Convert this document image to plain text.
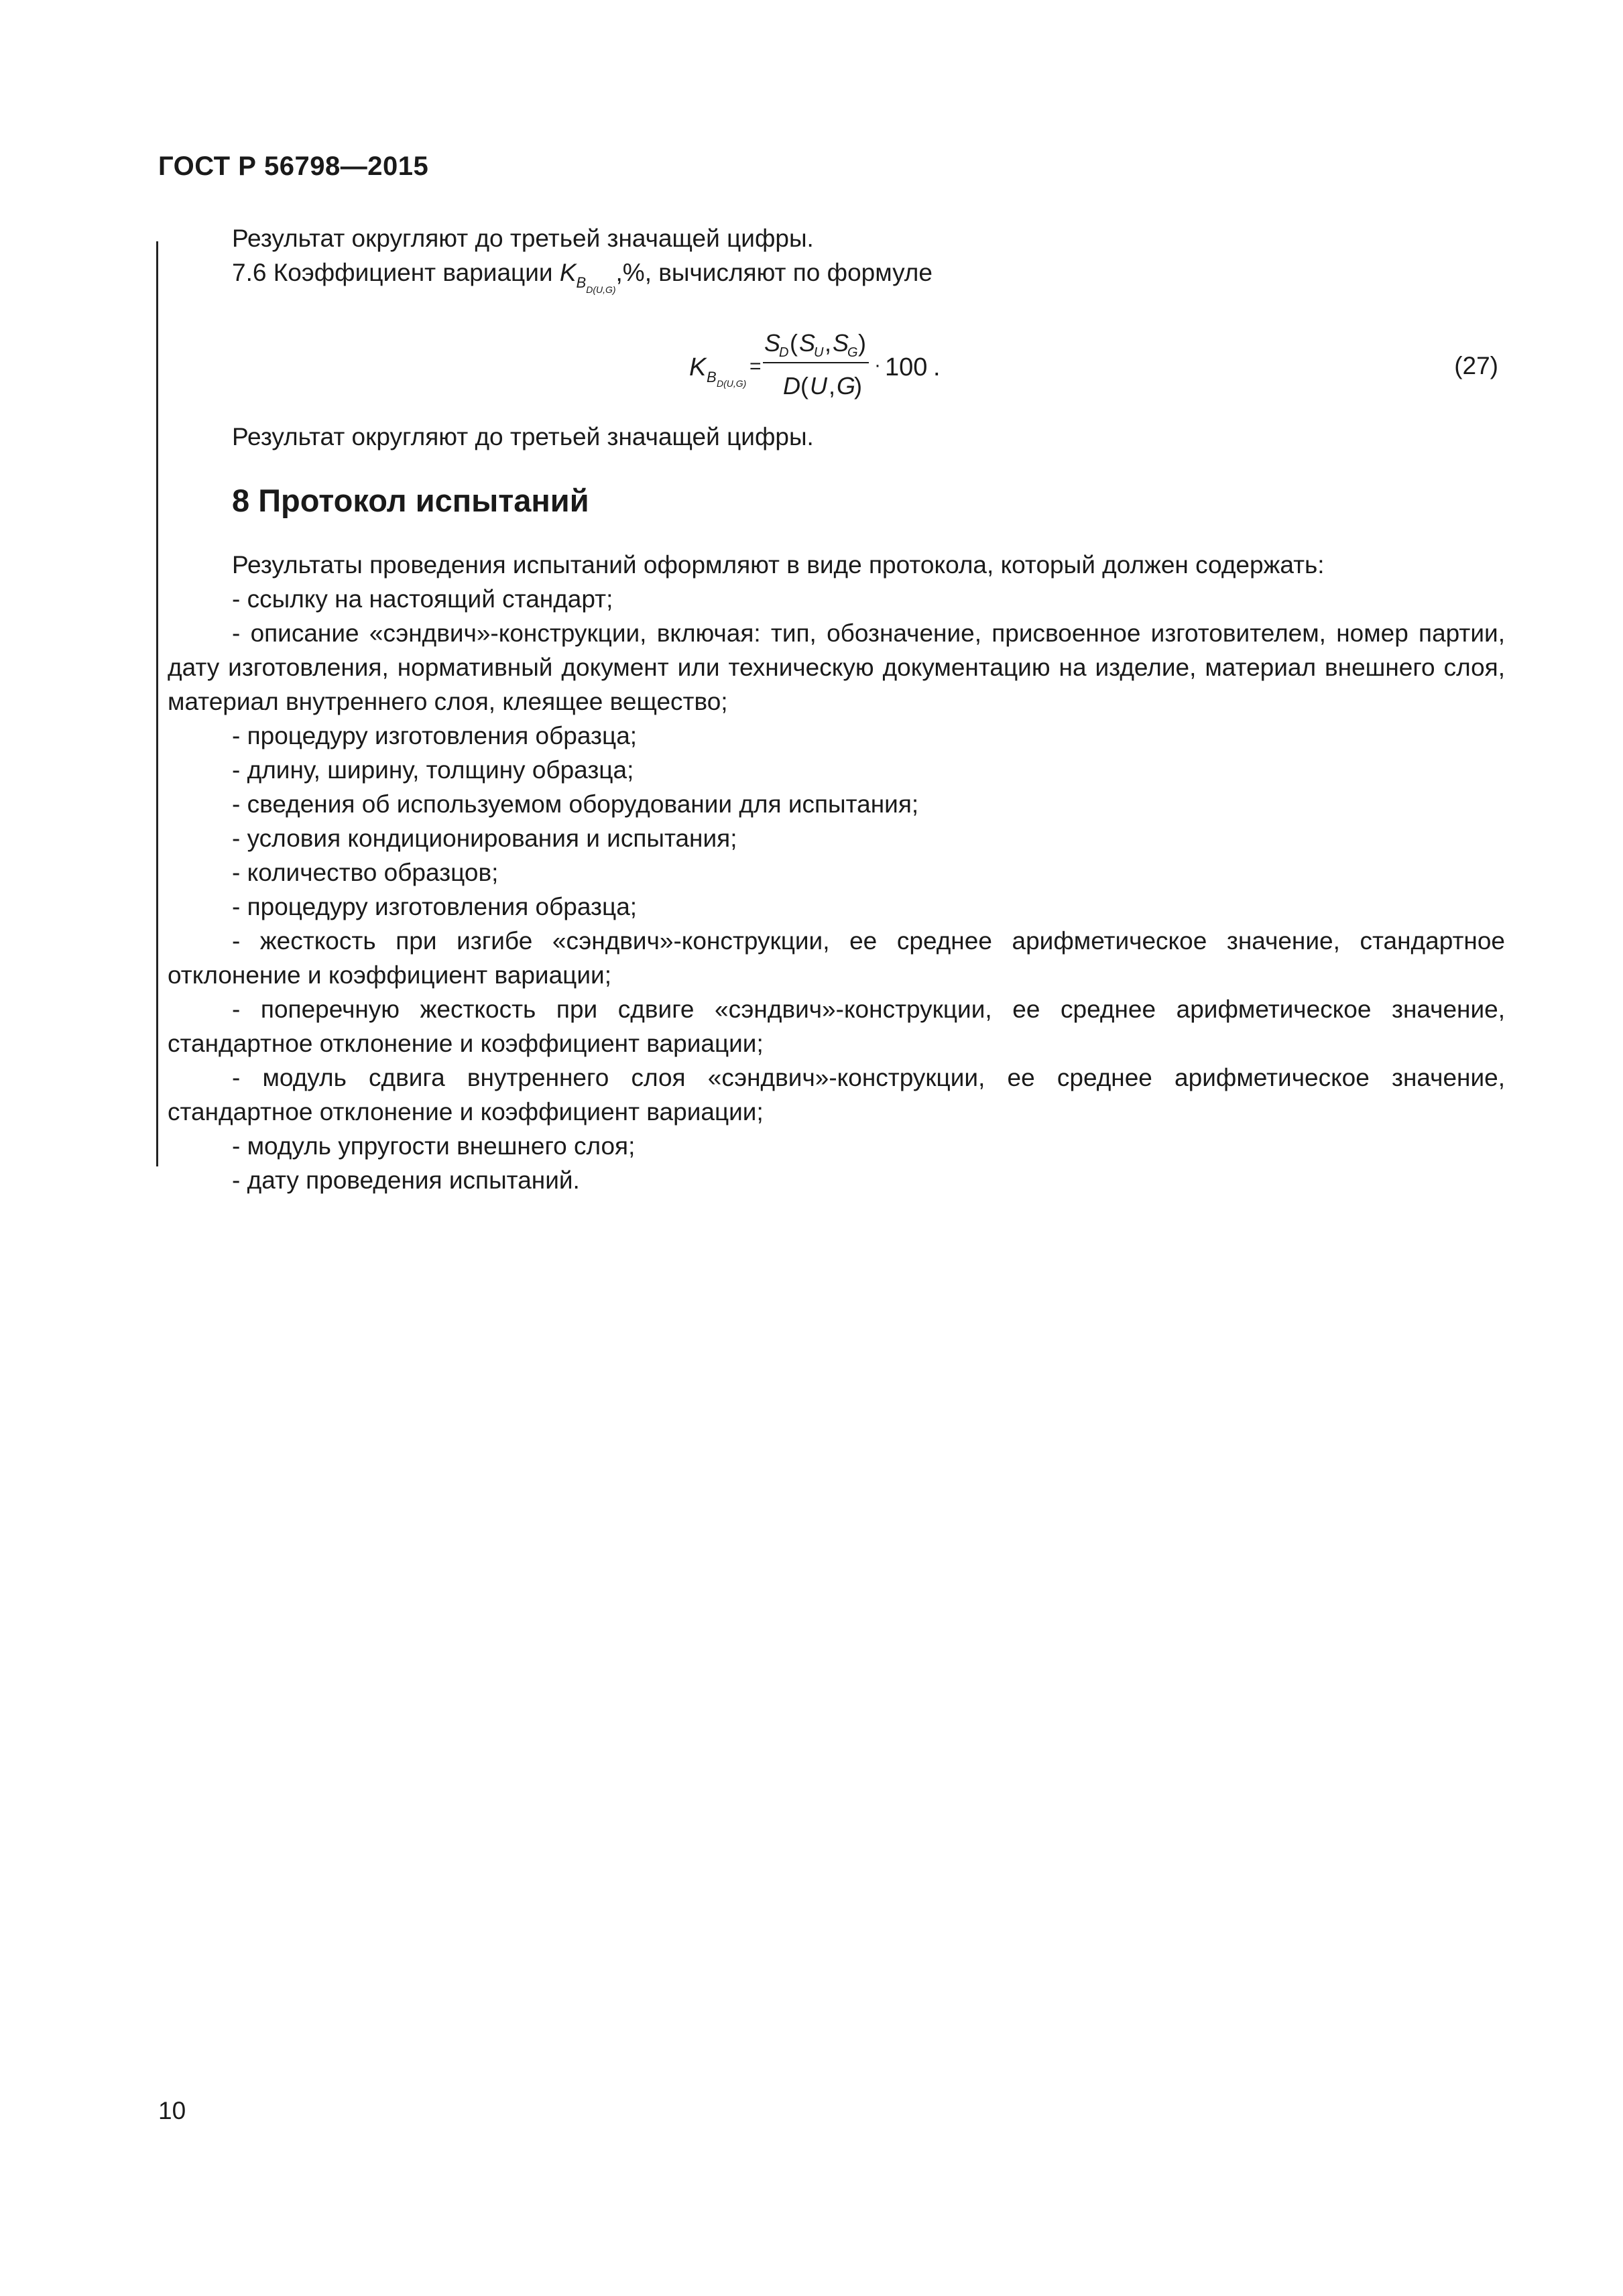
ГОСТ Р 56798—2015

Результат округляют до третьей значащей цифры.

7.6 Коэффициент вариации $K_{B_{D(U,G)}},\%$, вычисляют по формуле

K B D(U,G)
=
S
D ( S
U , S
G )
D ( U , G
)
· 100 .	(27)

Результат округляют до третьей значащей цифры.

8 Протокол испытаний

Результаты проведения испытаний оформляют в виде протокола, который должен содержать:

- ссылку на настоящий стандарт;

- описание «сэндвич»-конструкции, включая: тип, обозначение, присвоенное изготовителем, номер партии, дату изготовления, нормативный документ или техническую документацию на изделие, материал внешнего слоя, материал внутреннего слоя, клеящее вещество;

- процедуру изготовления образца;

- длину, ширину, толщину образца;

- сведения об используемом оборудовании для испытания;

- условия кондиционирования и испытания;

- количество образцов;

- процедуру изготовления образца;

- жесткость при изгибе «сэндвич»-конструкции, ее среднее арифметическое значение, стандартное отклонение и коэффициент вариации;

- поперечную жесткость при сдвиге «сэндвич»-конструкции, ее среднее арифметическое значение, стандартное отклонение и коэффициент вариации;

- модуль сдвига внутреннего слоя «сэндвич»-конструкции, ее среднее арифметическое значение, стандартное отклонение и коэффициент вариации;

- модуль упругости внешнего слоя;

- дату проведения испытаний.

10
